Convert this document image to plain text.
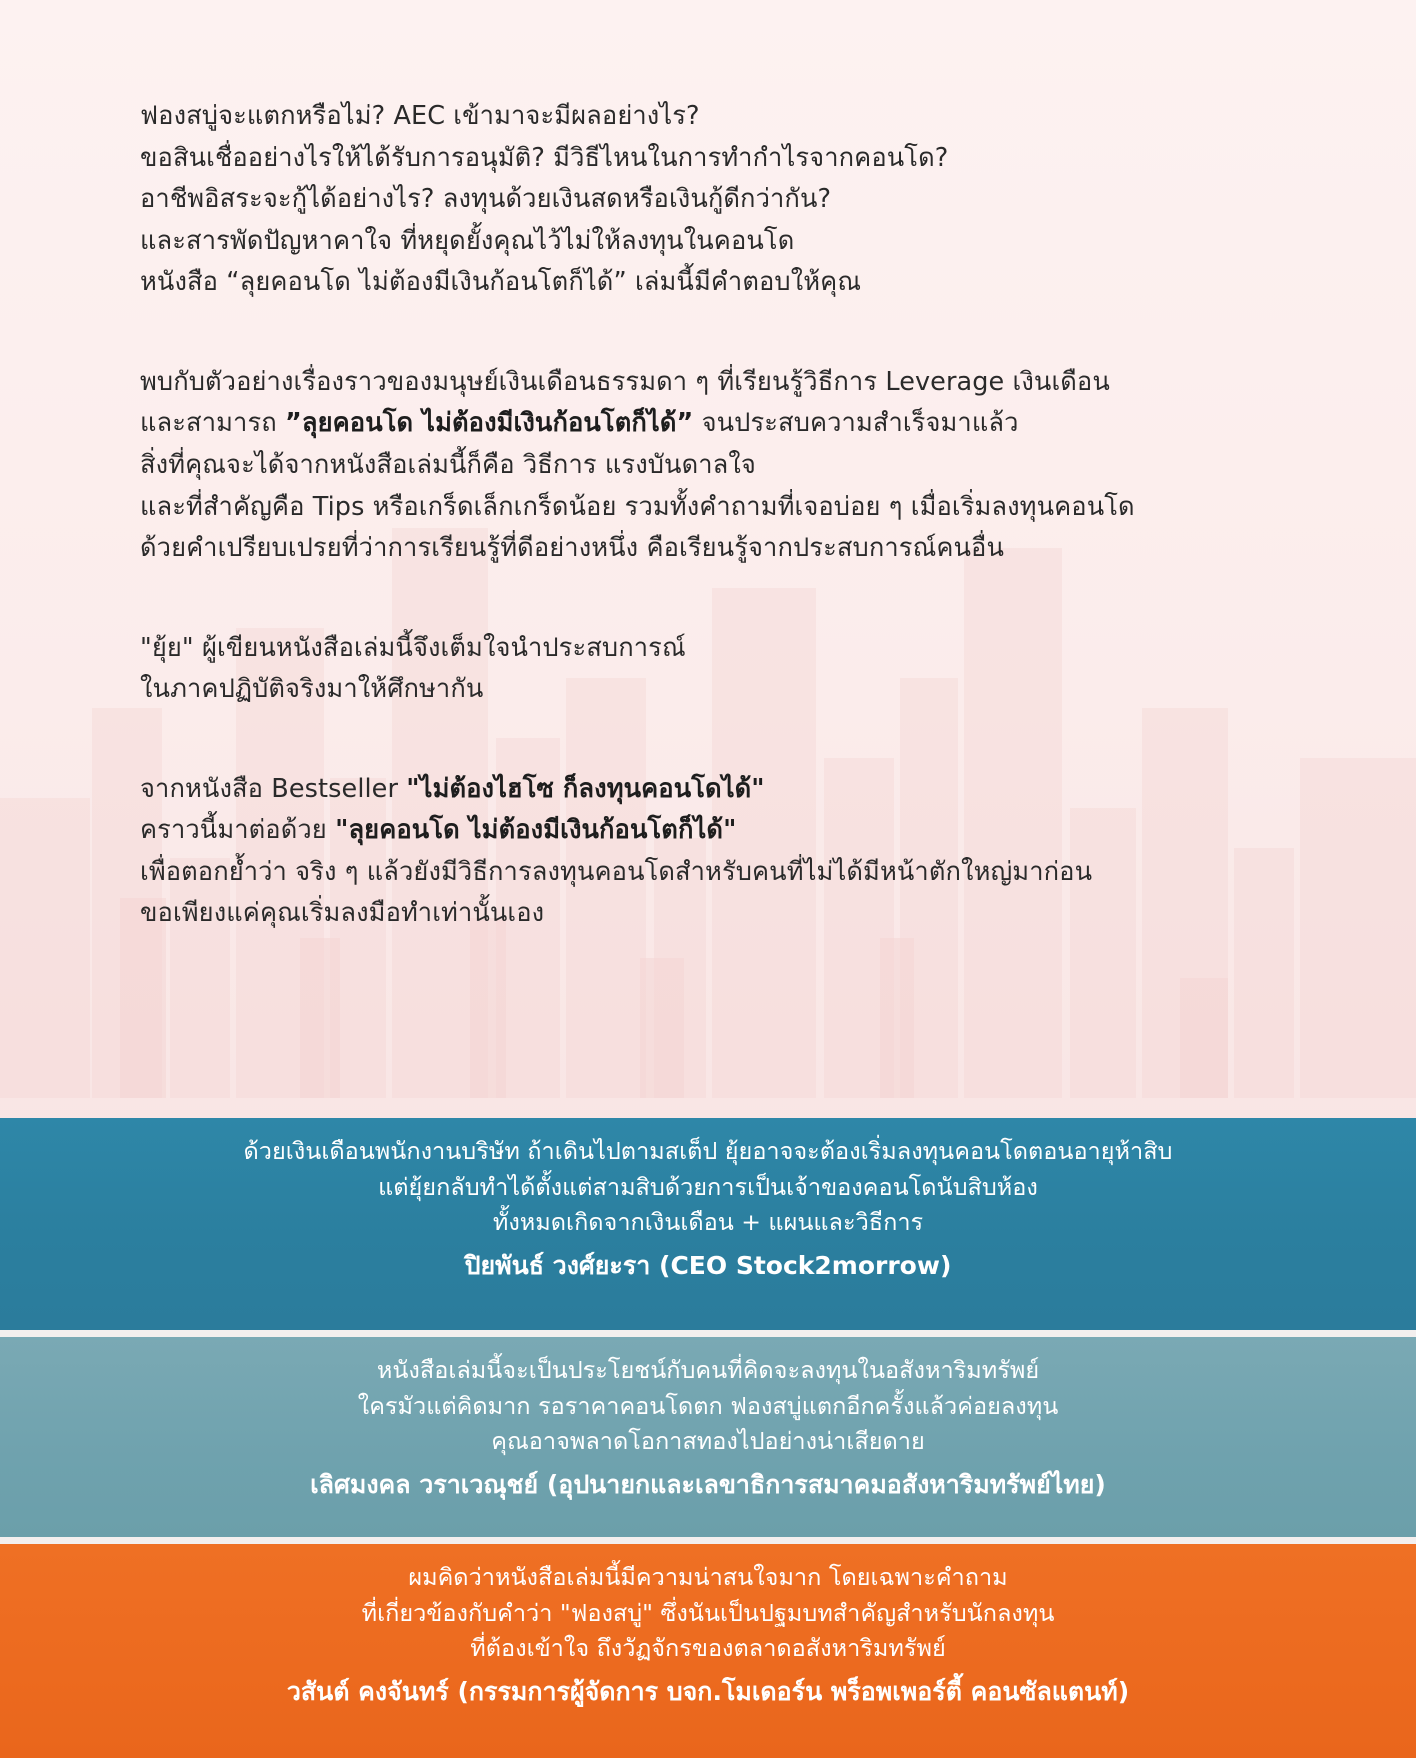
ฟองสบู่จะแตกหรือไม่? AEC เข้ามาจะมีผลอย่างไร?

ขอสินเชื่ออย่างไรให้ได้รับการอนุมัติ? มีวิธีไหนในการทำกำไรจากคอนโด?

อาชีพอิสระจะกู้ได้อย่างไร? ลงทุนด้วยเงินสดหรือเงินกู้ดีกว่ากัน?

และสารพัดปัญหาคาใจ ที่หยุดยั้งคุณไว้ไม่ให้ลงทุนในคอนโด

หนังสือ “ลุยคอนโด ไม่ต้องมีเงินก้อนโตก็ได้” เล่มนี้มีคำตอบให้คุณ

พบกับตัวอย่างเรื่องราวของมนุษย์เงินเดือนธรรมดา ๆ ที่เรียนรู้วิธีการ Leverage เงินเดือน

และสามารถ ”ลุยคอนโด ไม่ต้องมีเงินก้อนโตก็ได้” จนประสบความสำเร็จมาแล้ว

สิ่งที่คุณจะได้จากหนังสือเล่มนี้ก็คือ วิธีการ แรงบันดาลใจ

และที่สำคัญคือ Tips หรือเกร็ดเล็กเกร็ดน้อย รวมทั้งคำถามที่เจอบ่อย ๆ เมื่อเริ่มลงทุนคอนโด

ด้วยคำเปรียบเปรยที่ว่าการเรียนรู้ที่ดีอย่างหนึ่ง คือเรียนรู้จากประสบการณ์คนอื่น

"ยุ้ย" ผู้เขียนหนังสือเล่มนี้จึงเต็มใจนำประสบการณ์

ในภาคปฏิบัติจริงมาให้ศึกษากัน

จากหนังสือ Bestseller "ไม่ต้องไฮโซ ก็ลงทุนคอนโดได้"

คราวนี้มาต่อด้วย "ลุยคอนโด ไม่ต้องมีเงินก้อนโตก็ได้"

เพื่อตอกย้ำว่า จริง ๆ แล้วยังมีวิธีการลงทุนคอนโดสำหรับคนที่ไม่ได้มีหน้าตักใหญ่มาก่อน

ขอเพียงแค่คุณเริ่มลงมือทำเท่านั้นเอง

ด้วยเงินเดือนพนักงานบริษัท ถ้าเดินไปตามสเต็ป ยุ้ยอาจจะต้องเริ่มลงทุนคอนโดตอนอายุห้าสิบ

แต่ยุ้ยกลับทำได้ตั้งแต่สามสิบด้วยการเป็นเจ้าของคอนโดนับสิบห้อง

ทั้งหมดเกิดจากเงินเดือน + แผนและวิธีการ

ปิยพันธ์ วงศ์ยะรา (CEO Stock2morrow)

หนังสือเล่มนี้จะเป็นประโยชน์กับคนที่คิดจะลงทุนในอสังหาริมทรัพย์

ใครมัวแต่คิดมาก รอราคาคอนโดตก ฟองสบู่แตกอีกครั้งแล้วค่อยลงทุน

คุณอาจพลาดโอกาสทองไปอย่างน่าเสียดาย

เลิศมงคล วราเวณุชย์ (อุปนายกและเลขาธิการสมาคมอสังหาริมทรัพย์ไทย)

ผมคิดว่าหนังสือเล่มนี้มีความน่าสนใจมาก โดยเฉพาะคำถาม

ที่เกี่ยวข้องกับคำว่า "ฟองสบู่" ซึ่งนันเป็นปฐมบทสำคัญสำหรับนักลงทุน

ที่ต้องเข้าใจ ถึงวัฏจักรของตลาดอสังหาริมทรัพย์

วสันต์ คงจันทร์ (กรรมการผู้จัดการ บจก.โมเดอร์น พร็อพเพอร์ตี้ คอนซัลแตนท์)
